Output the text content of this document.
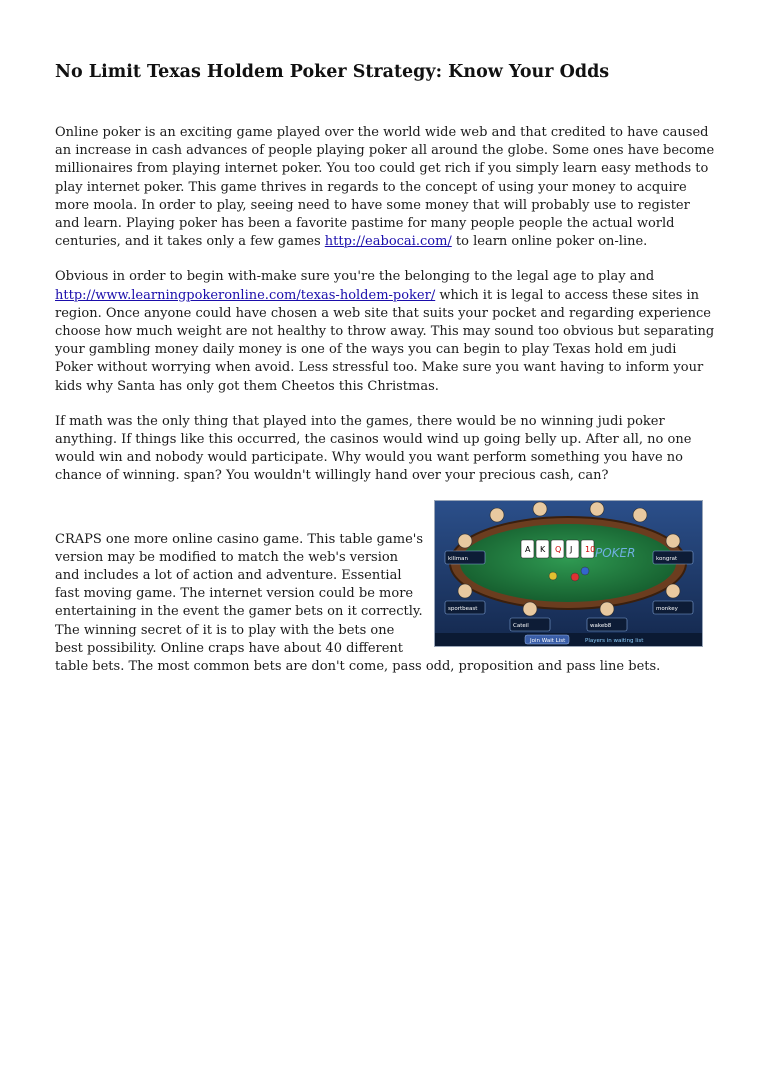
No Limit Texas Holdem Poker Strategy: Know Your Odds

Online poker is an exciting game played over the world wide web and that credited to have caused an increase in cash advances of people playing poker all around the globe. Some ones have become millionaires from playing internet poker. You too could get rich if you simply learn easy methods to play internet poker. This game thrives in regards to the concept of using your money to acquire more moola. In order to play, seeing need to have some money that will probably use to register and learn. Playing poker has been a favorite pastime for many people people the actual world centuries, and it takes only a few games http://eabocai.com/ to learn online poker on-line.

Obvious in order to begin with-make sure you're the belonging to the legal age to play and http://www.learningpokeronline.com/texas-holdem-poker/ which it is legal to access these sites in region. Once anyone could have chosen a web site that suits your pocket and regarding experience choose how much weight are not healthy to throw away. This may sound too obvious but separating your gambling money daily money is one of the ways you can begin to play Texas hold em judi Poker without worrying when avoid. Less stressful too. Make sure you want having to inform your kids why Santa has only got them Cheetos this Christmas.

If math was the only thing that played into the games, there would be no winning judi poker anything. If things like this occurred, the casinos would wind up going belly up. After all, no one would win and nobody would participate. Why would you want perform something you have no chance of winning. span? You wouldn't willingly hand over your precious cash, can?

A K Q J 10 POKER
kiliman	kongrat
sportbeast	monkey
Cateil	wakeb8
Join Wait List	Players in waiting list

CRAPS one more online casino game. This table game's version may be modified to match the web's version and includes a lot of action and adventure. Essential fast moving game. The internet version could be more entertaining in the event the gamer bets on it correctly. The winning secret of it is to play with the bets one best possibility. Online craps have about 40 different table bets. The most common bets are don't come, pass odd, proposition and pass line bets.
